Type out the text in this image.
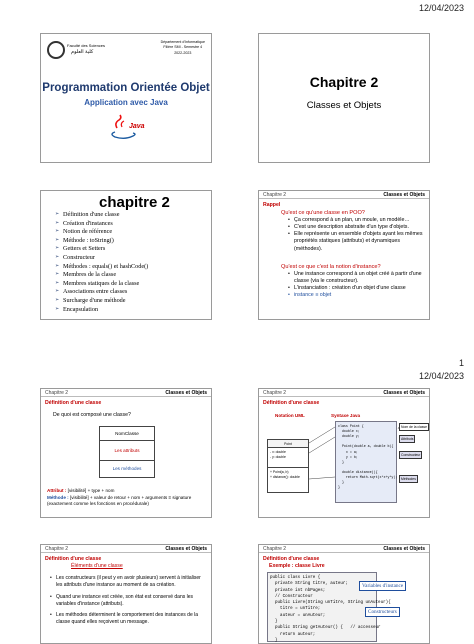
12/04/2023
Faculté des Sciences
كلية العلوم
Département d'Informatique
Filière SMI - Semestre 4
2022-2023
Programmation Orientée Objet
Application avec Java
Java
Chapitre 2
Classes et Objets
chapitre 2
➢ Définition d'une classe
➢ Création d'instances
➢ Notion de référence
➢ Méthode : toString()
➢ Getters et Setters
➢ Constructeur
➢ Méthodes : equals() et hashCode()
➢ Membres de la classe
➢ Membres statiques de la classe
➢ Associations entre classes
➢ Surcharge d'une méthode
➢ Encapsulation
Chapitre 2	Classes et Objets
Rappel
Qu'est ce qu'une classe en POO?
• Ça correspond à un plan, un moule, un modèle…
• C'est une description abstraite d'un type d'objets.
• Elle représente un ensemble d'objets ayant les mêmes propriétés statiques (attributs) et dynamiques (méthodes).
Qu'est ce que c'est la notion d'instance?
• Une instance correspond à un objet créé à partir d'une classe (via le constructeur).
• L'instanciation : création d'un objet d'une classe
• instance ≡ objet
1
12/04/2023
Chapitre 2	Classes et Objets
Définition d'une classe
De quoi est composé une classe?
NomClasse
Les attributs
Les méthodes
Attribut : [visibilité] + type + nom
Méthode : [visibilité] + valeur de retour + nom + arguments ≡ signature
(exactement comme les fonctions en procédurale)
Chapitre 2	Classes et Objets
Définition d'une classe
Notation UML	Syntaxe Java
Point
- x: double
- y: double
+ Point(a, b)
+ distance(): double
class Point {
double x;
double y;

Point(double a, double b){
x = a;
y = b;
}

double distance(){
return Math.sqrt(x*x+y*y);
}
}
Nom de la classe
Attributs
Constructeur
Méthodes
Chapitre 2	Classes et Objets
Définition d'une classe
Éléments d'une classe
• Les constructeurs (il peut y en avoir plusieurs) servent à initialiser les attributs d'une instance au moment de sa création.
• Quand une instance est créée, son état est conservé dans les variables d'instance (attributs).
• Les méthodes déterminent le comportement des instances de la classe quand elles reçoivent un message.
Chapitre 2	Classes et Objets
Définition d'une classe
Exemple : classe Livre
public class Livre {
private String titre, auteur;
private int nbPages;
// Constructeur
public Livre(String unTitre, String unAuteur){
titre = unTitre;
auteur = unAuteur;
}
public String getAuteur() {   // accesseur
return auteur;
}
Variables d'instance
Constructeurs
